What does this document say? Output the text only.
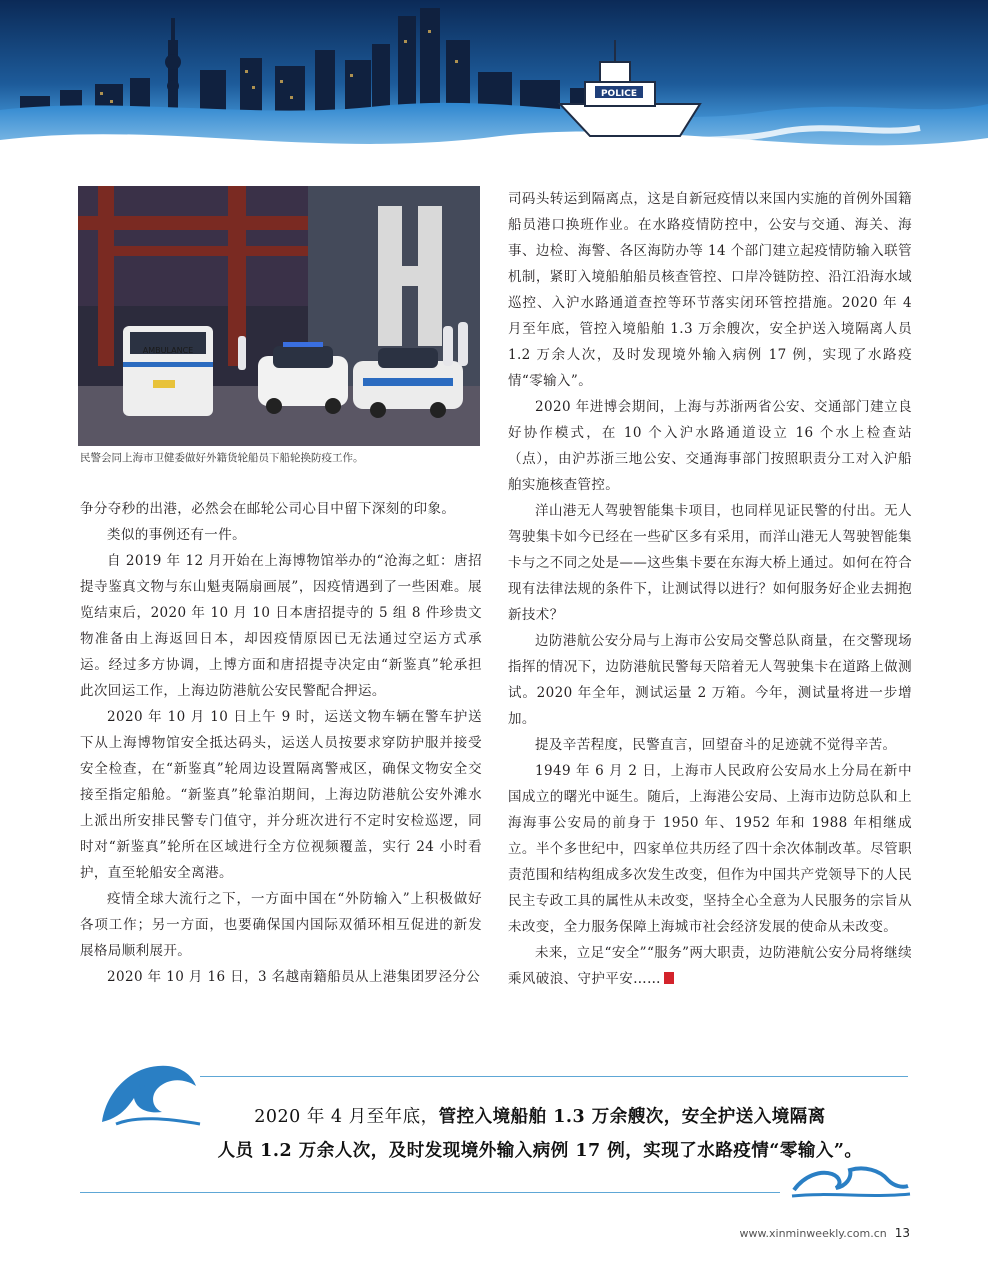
POLICE
AMBULANCE

民警会同上海市卫健委做好外籍货轮船员下船轮换防疫工作。

争分夺秒的出港，必然会在邮轮公司心目中留下深刻的印象。

类似的事例还有一件。

自 2019 年 12 月开始在上海博物馆举办的“沧海之虹：唐招提寺鉴真文物与东山魁夷隔扇画展”，因疫情遇到了一些困难。展览结束后，2020 年 10 月 10 日本唐招提寺的 5 组 8 件珍贵文物准备由上海返回日本，却因疫情原因已无法通过空运方式承运。经过多方协调，上博方面和唐招提寺决定由“新鉴真”轮承担此次回运工作，上海边防港航公安民警配合押运。

2020 年 10 月 10 日上午 9 时，运送文物车辆在警车护送下从上海博物馆安全抵达码头，运送人员按要求穿防护服并接受安全检查，在“新鉴真”轮周边设置隔离警戒区，确保文物安全交接至指定船舱。“新鉴真”轮靠泊期间，上海边防港航公安外滩水上派出所安排民警专门值守，并分班次进行不定时安检巡逻，同时对“新鉴真”轮所在区域进行全方位视频覆盖，实行 24 小时看护，直至轮船安全离港。

疫情全球大流行之下，一方面中国在“外防输入”上积极做好各项工作；另一方面，也要确保国内国际双循环相互促进的新发展格局顺利展开。

2020 年 10 月 16 日，3 名越南籍船员从上港集团罗泾分公

司码头转运到隔离点，这是自新冠疫情以来国内实施的首例外国籍船员港口换班作业。在水路疫情防控中，公安与交通、海关、海事、边检、海警、各区海防办等 14 个部门建立起疫情防输入联管机制，紧盯入境船舶船员核查管控、口岸冷链防控、沿江沿海水域巡控、入沪水路通道查控等环节落实闭环管控措施。2020 年 4 月至年底，管控入境船舶 1.3 万余艘次，安全护送入境隔离人员 1.2 万余人次，及时发现境外输入病例 17 例，实现了水路疫情“零输入”。

2020 年进博会期间，上海与苏浙两省公安、交通部门建立良好协作模式，在 10 个入沪水路通道设立 16 个水上检查站（点），由沪苏浙三地公安、交通海事部门按照职责分工对入沪船舶实施核查管控。

洋山港无人驾驶智能集卡项目，也同样见证民警的付出。无人驾驶集卡如今已经在一些矿区多有采用，而洋山港无人驾驶智能集卡与之不同之处是——这些集卡要在东海大桥上通过。如何在符合现有法律法规的条件下，让测试得以进行？如何服务好企业去拥抱新技术？

边防港航公安分局与上海市公安局交警总队商量，在交警现场指挥的情况下，边防港航民警每天陪着无人驾驶集卡在道路上做测试。2020 年全年，测试运量 2 万箱。今年，测试量将进一步增加。

提及辛苦程度，民警直言，回望奋斗的足迹就不觉得辛苦。

1949 年 6 月 2 日，上海市人民政府公安局水上分局在新中国成立的曙光中诞生。随后，上海港公安局、上海市边防总队和上海海事公安局的前身于 1950 年、1952 年和 1988 年相继成立。半个多世纪中，四家单位共历经了四十余次体制改革。尽管职责范围和结构组成多次发生改变，但作为中国共产党领导下的人民民主专政工具的属性从未改变，坚持全心全意为人民服务的宗旨从未改变，全力服务保障上海城市社会经济发展的使命从未改变。

未来，立足“安全”“服务”两大职责，边防港航公安分局将继续乘风破浪、守护平安……

2020 年 4 月至年底，管控入境船舶 1.3 万余艘次，安全护送入境隔离

人员 1.2 万余人次，及时发现境外输入病例 17 例，实现了水路疫情“零输入”。

www.xinminweekly.com.cn 13
